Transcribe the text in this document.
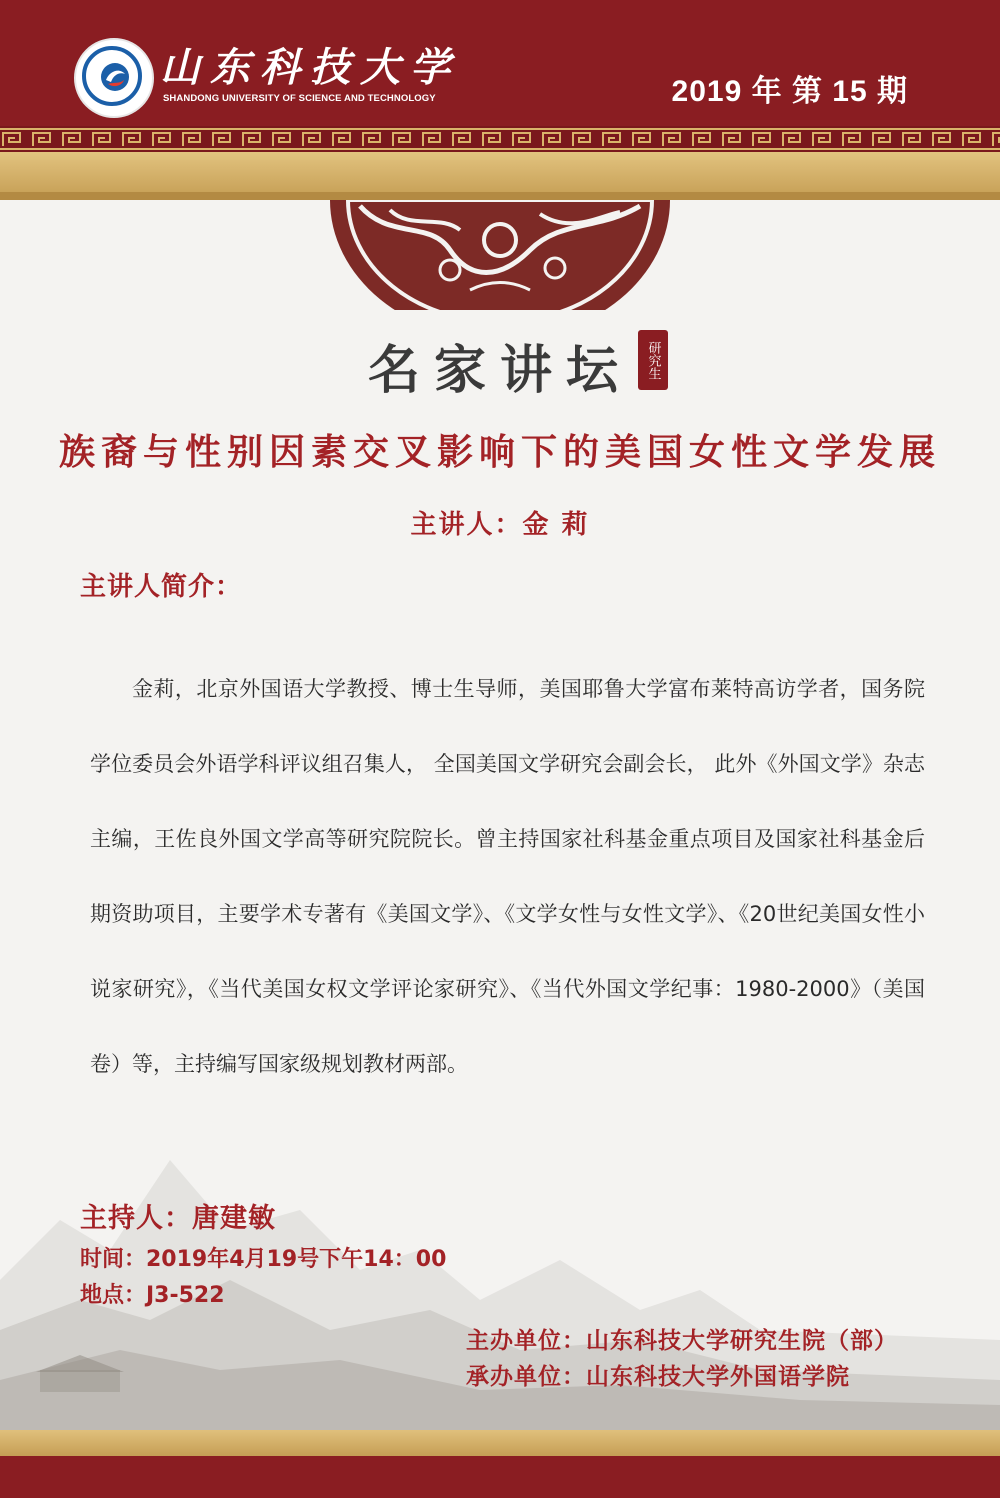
山东科技大学
SHANDONG UNIVERSITY OF SCIENCE AND TECHNOLOGY	2019 年 第 15 期
名家讲坛	研究生
族裔与性别因素交叉影响下的美国女性文学发展
主讲人：金 莉
主讲人简介：
金莉，北京外国语大学教授、博士生导师，美国耶鲁大学富布莱特高访学者，国务院学位委员会外语学科评议组召集人， 全国美国文学研究会副会长， 此外《外国文学》杂志主编，王佐良外国文学高等研究院院长。曾主持国家社科基金重点项目及国家社科基金后期资助项目，主要学术专著有《美国文学》、《文学女性与女性文学》、《20世纪美国女性小说家研究》，《当代美国女权文学评论家研究》、《当代外国文学纪事：1980-2000》（美国卷）等，主持编写国家级规划教材两部。
主持人：唐建敏
时间：2019年4月19号下午14：00
地点：J3-522
主办单位：山东科技大学研究生院（部）
承办单位：山东科技大学外国语学院
